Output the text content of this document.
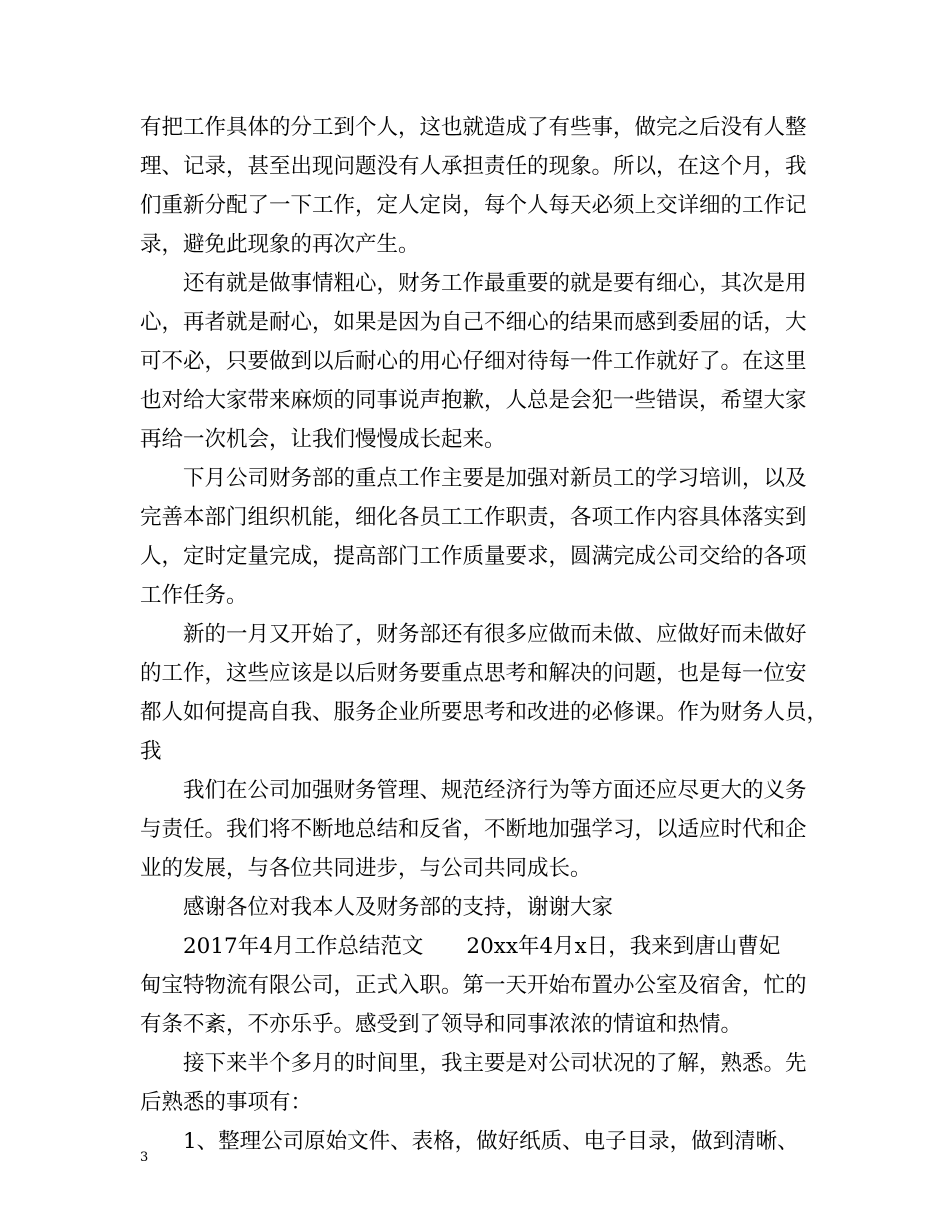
有把工作具体的分工到个人，这也就造成了有些事，做完之后没有人整
理、记录，甚至出现问题没有人承担责任的现象。所以，在这个月，我
们重新分配了一下工作，定人定岗，每个人每天必须上交详细的工作记
录，避免此现象的再次产生。
还有就是做事情粗心，财务工作最重要的就是要有细心，其次是用
心，再者就是耐心，如果是因为自己不细心的结果而感到委屈的话，大
可不必，只要做到以后耐心的用心仔细对待每一件工作就好了。在这里
也对给大家带来麻烦的同事说声抱歉，人总是会犯一些错误，希望大家
再给一次机会，让我们慢慢成长起来。
下月公司财务部的重点工作主要是加强对新员工的学习培训，以及
完善本部门组织机能，细化各员工工作职责，各项工作内容具体落实到
人，定时定量完成，提高部门工作质量要求，圆满完成公司交给的各项
工作任务。
新的一月又开始了，财务部还有很多应做而未做、应做好而未做好
的工作，这些应该是以后财务要重点思考和解决的问题，也是每一位安
都人如何提高自我、服务企业所要思考和改进的必修课。作为财务人员，
我
我们在公司加强财务管理、规范经济行为等方面还应尽更大的义务
与责任。我们将不断地总结和反省，不断地加强学习，以适应时代和企
业的发展，与各位共同进步，与公司共同成长。
感谢各位对我本人及财务部的支持，谢谢大家
2017年4月工作总结范文　　20xx年4月x日，我来到唐山曹妃
甸宝特物流有限公司，正式入职。第一天开始布置办公室及宿舍，忙的
有条不紊，不亦乐乎。感受到了领导和同事浓浓的情谊和热情。
接下来半个多月的时间里，我主要是对公司状况的了解，熟悉。先
后熟悉的事项有：
1、整理公司原始文件、表格，做好纸质、电子目录，做到清晰、
3
